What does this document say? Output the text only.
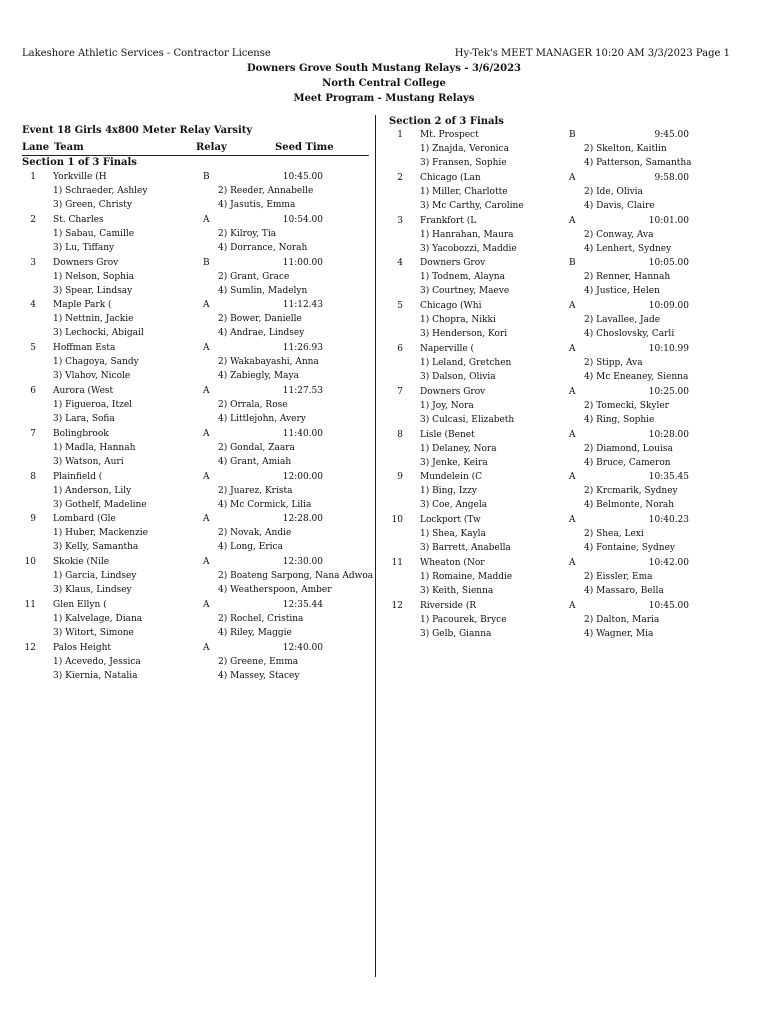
Lakeshore Athletic Services - Contractor License	Hy-Tek's MEET MANAGER 10:20 AM 3/3/2023 Page 1
Downers Grove South Mustang Relays - 3/6/2023
North Central College
Meet Program - Mustang Relays
Event 18 Girls 4x800 Meter Relay Varsity
Lane Team	Relay	Seed Time
Section 1 of 3 Finals
Section 2 of 3 Finals
1 Yorkville (H	B	10:45.00
1) Schraeder, Ashley	2) Reeder, Annabelle
3) Green, Christy	4) Jasutis, Emma
2 St. Charles	A	10:54.00
1) Sabau, Camille	2) Kilroy, Tia
3) Lu, Tiffany	4) Dorrance, Norah
3 Downers Grov	B	11:00.00
1) Nelson, Sophia	2) Grant, Grace
3) Spear, Lindsay	4) Sumlin, Madelyn
4 Maple Park (	A	11:12.43
1) Nettnin, Jackie	2) Bower, Danielle
3) Lechocki, Abigail	4) Andrae, Lindsey
5 Hoffman Esta	A	11:26.93
1) Chagoya, Sandy	2) Wakabayashi, Anna
3) Vlahov, Nicole	4) Zabiegly, Maya
6 Aurora (West	A	11:27.53
1) Figueroa, Itzel	2) Orrala, Rose
3) Lara, Sofia	4) Littlejohn, Avery
7 Bolingbrook	A	11:40.00
1) Madla, Hannah	2) Gondal, Zaara
3) Watson, Auri	4) Grant, Amiah
8 Plainfield (	A	12:00.00
1) Anderson, Lily	2) Juarez, Krista
3) Gothelf, Madeline	4) Mc Cormick, Lilia
9 Lombard (Gle	A	12:28.00
1) Huber, Mackenzie	2) Novak, Andie
3) Kelly, Samantha	4) Long, Erica
10 Skokie (Nile	A	12:30.00
1) Garcia, Lindsey	2) Boateng Sarpong, Nana Adwoa
3) Klaus, Lindsey	4) Weatherspoon, Amber
11 Glen Ellyn (	A	12:35.44
1) Kalvelage, Diana	2) Rochel, Cristina
3) Witort, Simone	4) Riley, Maggie
12 Palos Height	A	12:40.00
1) Acevedo, Jessica	2) Greene, Emma
3) Kiernia, Natalia	4) Massey, Stacey
1 Mt. Prospect	B	9:45.00
1) Znajda, Veronica	2) Skelton, Kaitlin
3) Fransen, Sophie	4) Patterson, Samantha
2 Chicago (Lan	A	9:58.00
1) Miller, Charlotte	2) Ide, Olivia
3) Mc Carthy, Caroline	4) Davis, Claire
3 Frankfort (L	A	10:01.00
1) Hanrahan, Maura	2) Conway, Ava
3) Yacobozzi, Maddie	4) Lenhert, Sydney
4 Downers Grov	B	10:05.00
1) Todnem, Alayna	2) Renner, Hannah
3) Courtney, Maeve	4) Justice, Helen
5 Chicago (Whi	A	10:09.00
1) Chopra, Nikki	2) Lavallee, Jade
3) Henderson, Kori	4) Choslovsky, Carli
6 Naperville (	A	10:10.99
1) Leland, Gretchen	2) Stipp, Ava
3) Dalson, Olivia	4) Mc Eneaney, Sienna
7 Downers Grov	A	10:25.00
1) Joy, Nora	2) Tomecki, Skyler
3) Culcasi, Elizabeth	4) Ring, Sophie
8 Lisle (Benet	A	10:28.00
1) Delaney, Nora	2) Diamond, Louisa
3) Jenke, Keira	4) Bruce, Cameron
9 Mundelein (C	A	10:35.45
1) Bing, Izzy	2) Krcmarik, Sydney
3) Coe, Angela	4) Belmonte, Norah
10 Lockport (Tw	A	10:40.23
1) Shea, Kayla	2) Shea, Lexi
3) Barrett, Anabella	4) Fontaine, Sydney
11 Wheaton (Nor	A	10:42.00
1) Romaine, Maddie	2) Eissler, Ema
3) Keith, Sienna	4) Massaro, Bella
12 Riverside (R	A	10:45.00
1) Pacourek, Bryce	2) Dalton, Maria
3) Gelb, Gianna	4) Wagner, Mia
